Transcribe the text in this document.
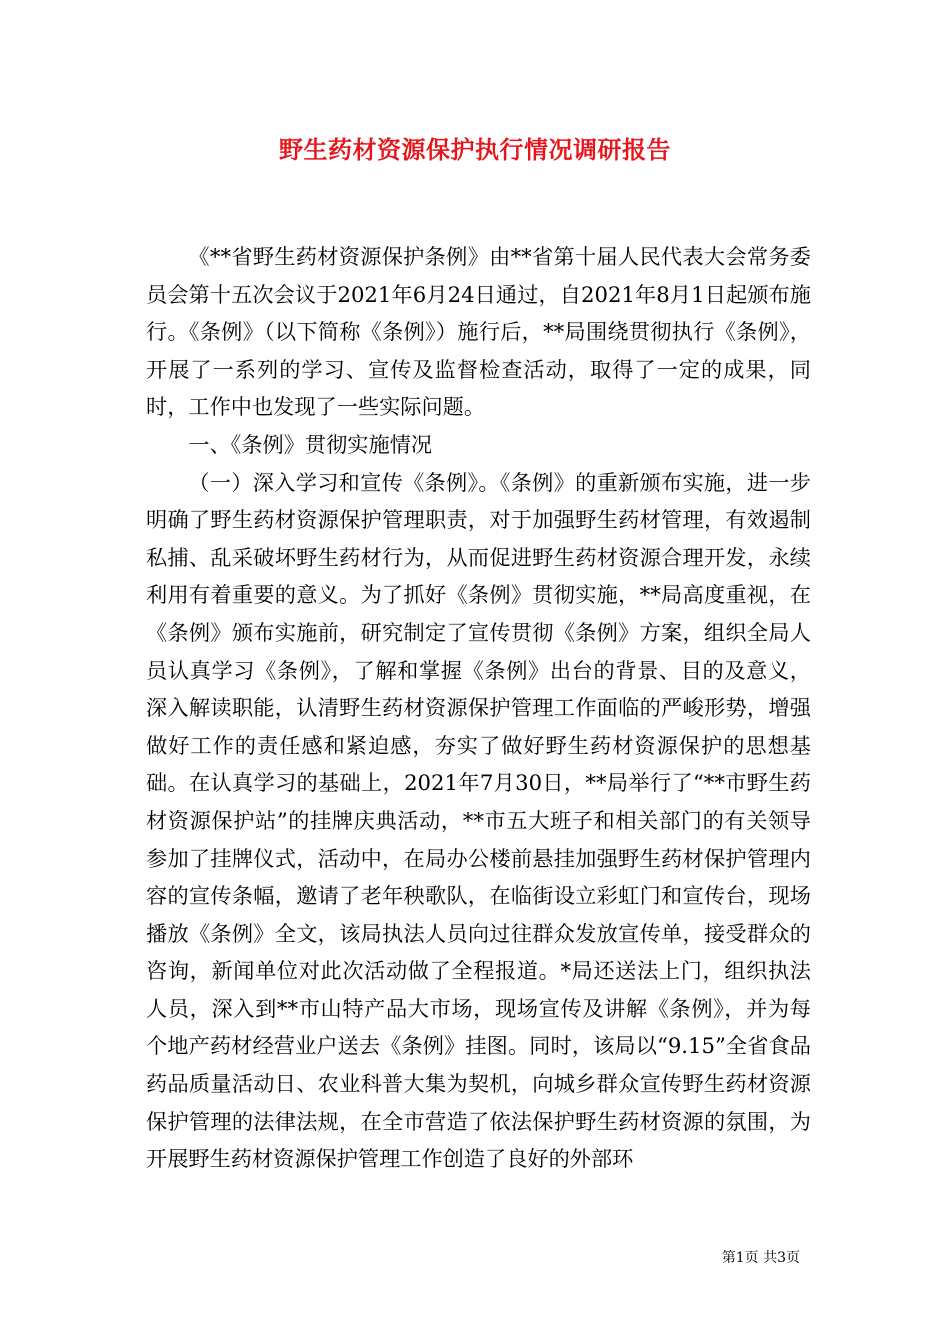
野生药材资源保护执行情况调研报告

《**省野生药材资源保护条例》由**省第十届人民代表大会常务委员会第十五次会议于2021年6月24日通过，自2021年8月1日起颁布施行。《条例》（以下简称《条例》）施行后，**局围绕贯彻执行《条例》，开展了一系列的学习、宣传及监督检查活动，取得了一定的成果，同时，工作中也发现了一些实际问题。

一、《条例》贯彻实施情况

（一）深入学习和宣传《条例》。《条例》的重新颁布实施，进一步明确了野生药材资源保护管理职责，对于加强野生药材管理，有效遏制私捕、乱采破坏野生药材行为，从而促进野生药材资源合理开发，永续利用有着重要的意义。为了抓好《条例》贯彻实施，**局高度重视，在《条例》颁布实施前，研究制定了宣传贯彻《条例》方案，组织全局人员认真学习《条例》，了解和掌握《条例》出台的背景、目的及意义，深入解读职能，认清野生药材资源保护管理工作面临的严峻形势，增强做好工作的责任感和紧迫感，夯实了做好野生药材资源保护的思想基础。在认真学习的基础上，2021年7月30日，**局举行了“**市野生药材资源保护站”的挂牌庆典活动，**市五大班子和相关部门的有关领导参加了挂牌仪式，活动中，在局办公楼前悬挂加强野生药材保护管理内容的宣传条幅，邀请了老年秧歌队，在临街设立彩虹门和宣传台，现场播放《条例》全文，该局执法人员向过往群众发放宣传单，接受群众的咨询，新闻单位对此次活动做了全程报道。*局还送法上门，组织执法人员，深入到**市山特产品大市场，现场宣传及讲解《条例》，并为每个地产药材经营业户送去《条例》挂图。同时，该局以“9.15”全省食品药品质量活动日、农业科普大集为契机，向城乡群众宣传野生药材资源保护管理的法律法规，在全市营造了依法保护野生药材资源的氛围，为开展野生药材资源保护管理工作创造了良好的外部环

第1页 共3页
